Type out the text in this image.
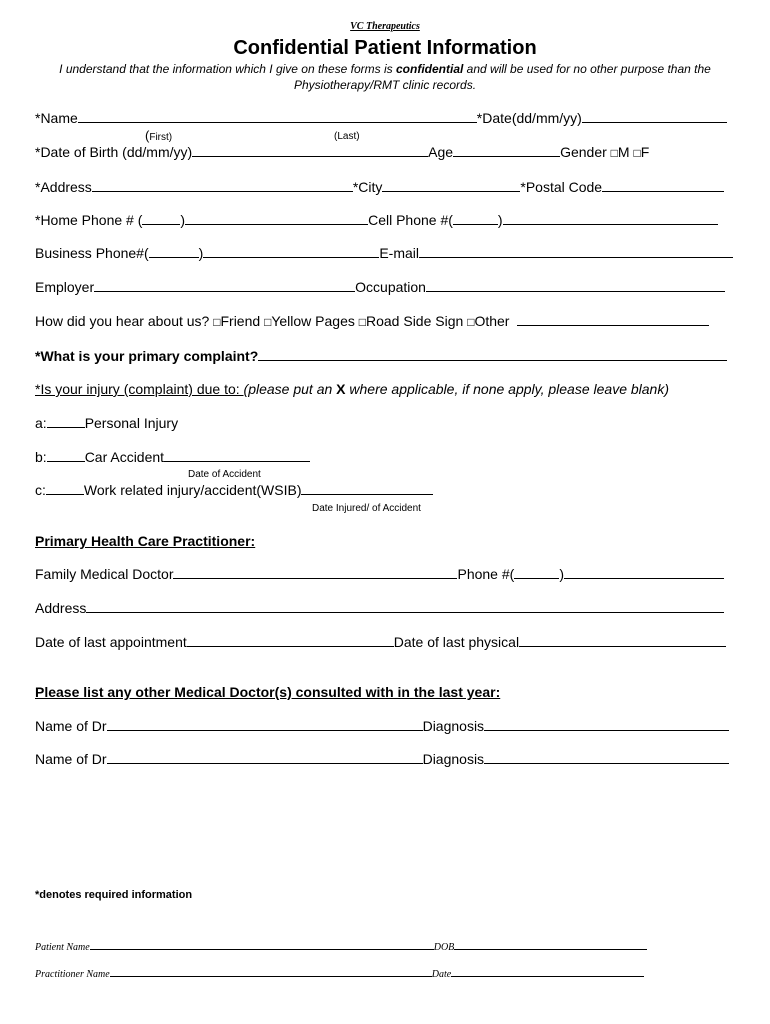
VC Therapeutics
Confidential Patient Information
I understand that the information which I give on these forms is confidential and will be used for no other purpose than the
Physiotherapy/RMT clinic records.
*Name	*Date(dd/mm/yy)
(First)	(Last)
*Date of Birth (dd/mm/yy)	Age	Gender □M □F
*Address	*City	*Postal Code
*Home Phone # (	)	Cell Phone #(	)
Business Phone#(	)	E-mail
Employer	Occupation
How did you hear about us? □Friend □Yellow Pages □Road Side Sign □Other
*What is your primary complaint?
*Is your injury (complaint) due to: (please put an X where applicable, if none apply, please leave blank)
a:	Personal Injury
b:	Car Accident
Date of Accident
c:	Work related injury/accident(WSIB)
Date Injured/ of Accident
Primary Health Care Practitioner:
Family Medical Doctor	Phone #(	)
Address
Date of last appointment	Date of last physical
Please list any other Medical Doctor(s) consulted with in the last year:
Name of Dr	Diagnosis
Name of Dr	Diagnosis
*denotes required information
Patient Name	DOB
Practitioner Name	Date
